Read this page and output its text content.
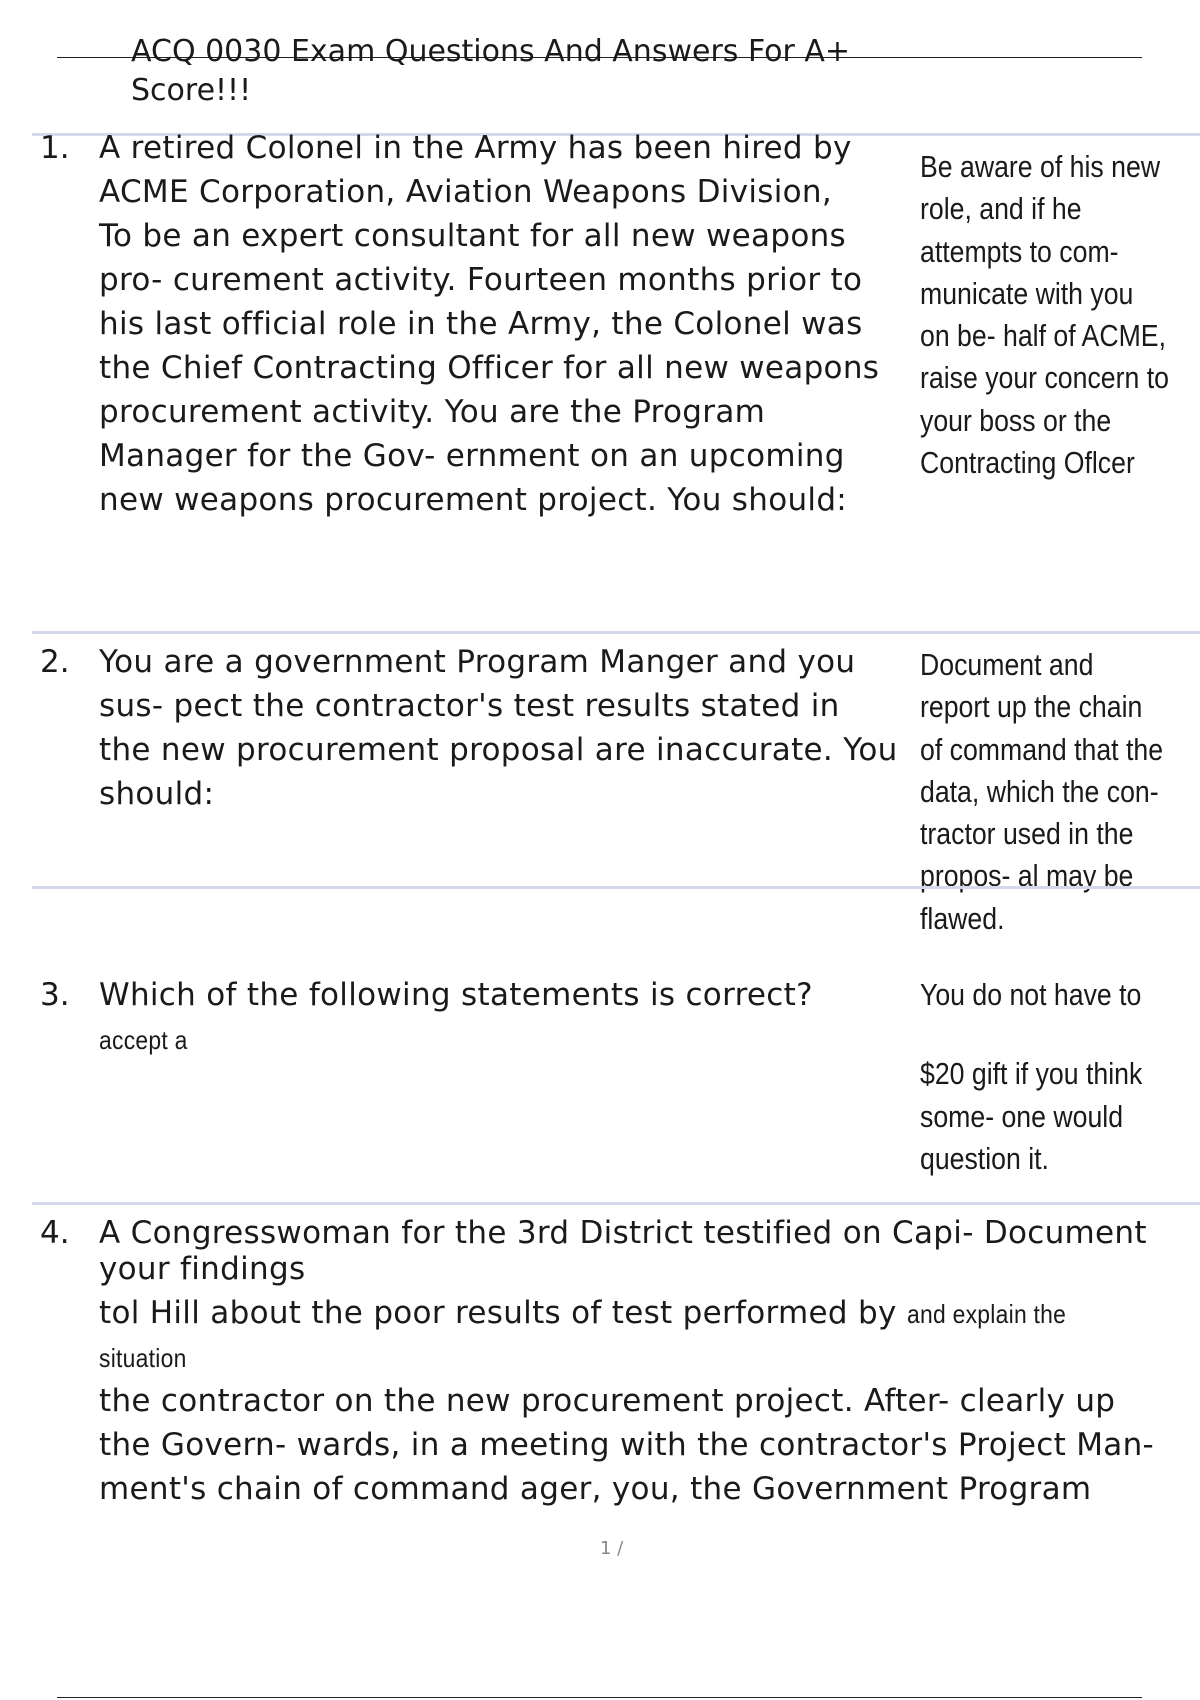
ACQ 0030 Exam Questions And Answers For A+ Score!!!
1. A retired Colonel in the Army has been hired by ACME Corporation, Aviation Weapons Division,

To be an expert consultant for all new weapons pro- curement activity. Fourteen months prior to his last official role in the Army, the Colonel was the Chief Contracting Officer for all new weapons procurement activity. You are the Program Manager for the Gov- ernment on an upcoming new weapons procurement project. You should:

Be aware of his new role, and if he attempts to com- municate with you on be- half of ACME, raise your concern to your boss or the Contracting Oflcer
2. You are a government Program Manger and you sus- pect the contractor's test results stated in the new procurement proposal are inaccurate. You should:

Document and report up the chain of command that the data, which the con- tractor used in the propos- al may be flawed.
3. Which of the following statements is correct?

accept a

You do not have to

$20 gift if you think some- one would question it.

4. A Congresswoman for the 3rd District testified on Capi- Document

your findings

tol Hill about the poor results of test performed by and explain the

situation

the contractor on the new procurement project. After- clearly up the Govern- wards, in a meeting with the contractor's Project Man- ment's chain of command ager, you, the Government Program

1 /
